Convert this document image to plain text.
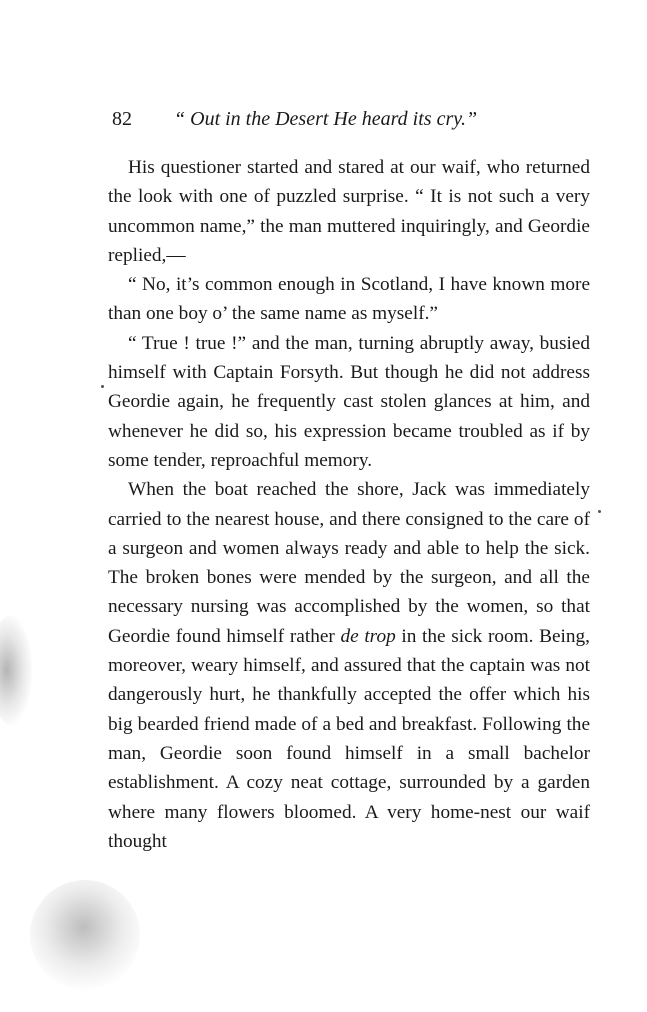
82 “ Out in the Desert He heard its cry.”

His questioner started and stared at our waif, who returned the look with one of puzzled surprise. “ It is not such a very uncommon name,” the man muttered inquiringly, and Geordie replied,—

“ No, it’s common enough in Scotland, I have known more than one boy o’ the same name as myself.”

“ True ! true !” and the man, turning abruptly away, busied himself with Captain Forsyth. But though he did not address Geordie again, he frequently cast stolen glances at him, and whenever he did so, his expression became troubled as if by some tender, reproachful memory.

When the boat reached the shore, Jack was immediately carried to the nearest house, and there consigned to the care of a surgeon and women always ready and able to help the sick. The broken bones were mended by the surgeon, and all the necessary nursing was accomplished by the women, so that Geordie found himself rather de trop in the sick room. Being, moreover, weary himself, and assured that the captain was not dangerously hurt, he thankfully accepted the offer which his big bearded friend made of a bed and breakfast. Following the man, Geordie soon found himself in a small bachelor establishment. A cozy neat cottage, surrounded by a garden where many flowers bloomed. A very home-nest our waif thought
